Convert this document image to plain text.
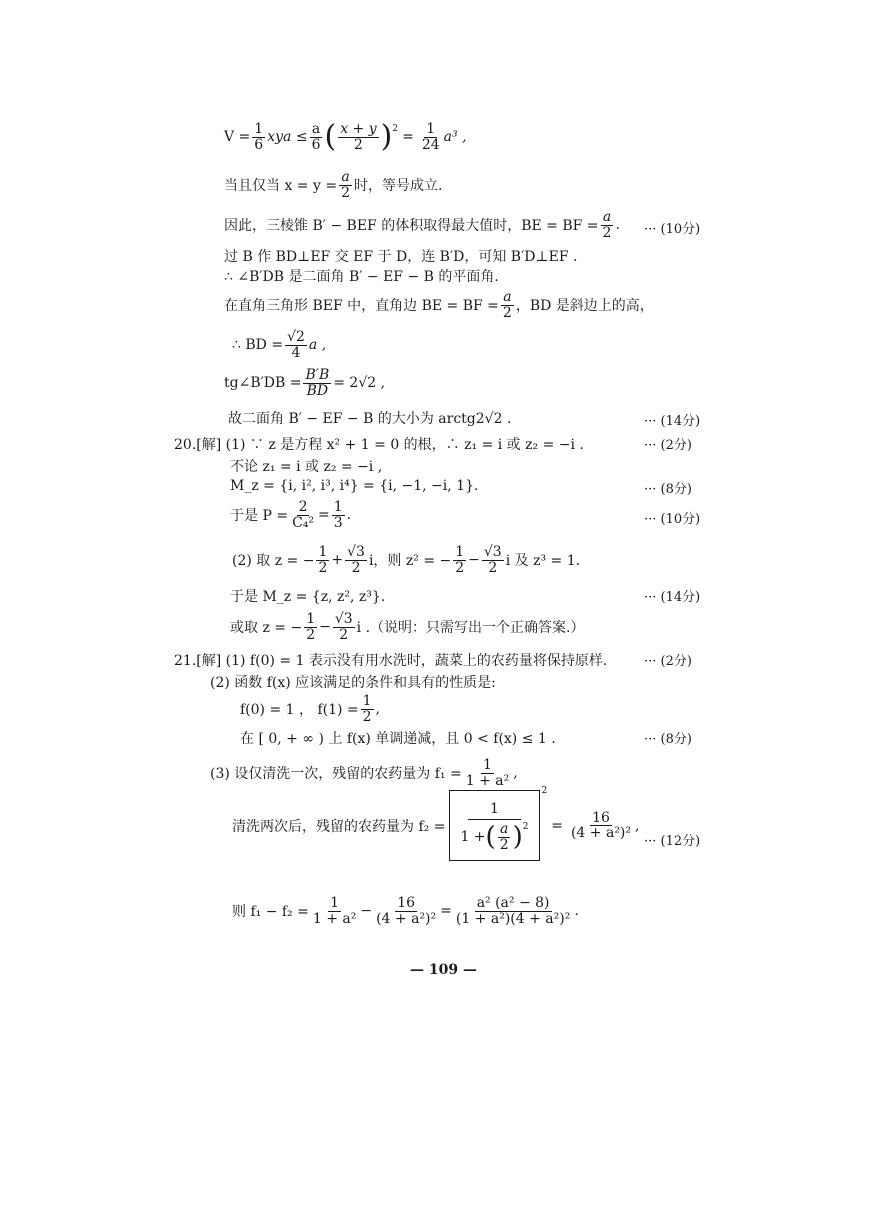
$V = \frac{1}{6}$ xya ≤ $\frac{a}{6}$ ( $\frac{x + y}{2} )^2$
= $\frac{1}{24} a^3$ ,
当且仅当 $x = y = \frac{a}{2}$ 时，等号成立.
因此，三棱锥 B′ − BEF 的体积取得最大值时，BE = BF = $\frac{a}{2}$ . ··· (10分)
过 B 作 BD⊥EF 交 EF 于 D，连 B′D，可知 B′D⊥EF .
∴ ∠B′DB 是二面角 B′ − EF − B 的平面角.
在直角三角形 BEF 中，直角边 BE = BF = $\frac{a}{2}$ ，BD 是斜边上的高，
∴ BD = $\frac{√2}{4}$ a ,
tg∠B′DB = $\frac{B'B}{BD} = 2√2$ ,
故二面角 B′ − EF − B 的大小为 arctg2√2 .	··· (14分)
20.[解] (1) ∵ z 是方程 x² + 1 = 0 的根，∴ z₁ = i 或 z₂ = −i .	··· (2分)
不论 z₁ = i 或 z₂ = −i ,
M_z = {i, i², i³, i⁴} = {i, −1, −i, 1}.	··· (8分)
于是 $P = \frac{2}{\text{C₄²}} = \frac{1}{3}$ .	··· (10分)
(2) 取 z = − $\frac{1}{2} + \frac{√3}{2}$ i，则 z² = − $\frac{1}{2} - \frac{√3}{2}$ i 及 z³ = 1.
于是 M_z = {z, z², z³}.	··· (14分)
或取 z = − $\frac{1}{2} - \frac{√3}{2}$ i .（说明：只需写出一个正确答案.）
21.[解] (1) f(0) = 1 表示没有用水洗时，蔬菜上的农药量将保持原样.	··· (2分)
(2) 函数 f(x) 应该满足的条件和具有的性质是:
f(0) = 1 ， $f(1) = \frac{1}{2}$ ,
在 [ 0, + ∞ ) 上 f(x) 单调递减，且 0 < f(x) ≤ 1 .	··· (8分)
(3) 设仅清洗一次，残留的农药量为 $f_1 = \frac{1}{\text{1 + a²}}$ ,
清洗两次后，残留的农药量为 $f_2 = \frac{1}{1 + ( \frac{a}{2} )^2}^2$
= $\frac{16}{\text{(4 + a²)²}}$ ,
··· (12分)
则 $f_1 - f_2 = \frac{1}{\text{1 + a²}} - \frac{16}{\text{(4 + a²)²}} = \frac{\text{a² (a² − 8)}}{\text{(1 + a²)(4 + a²)²}}$ .
— 109 —
